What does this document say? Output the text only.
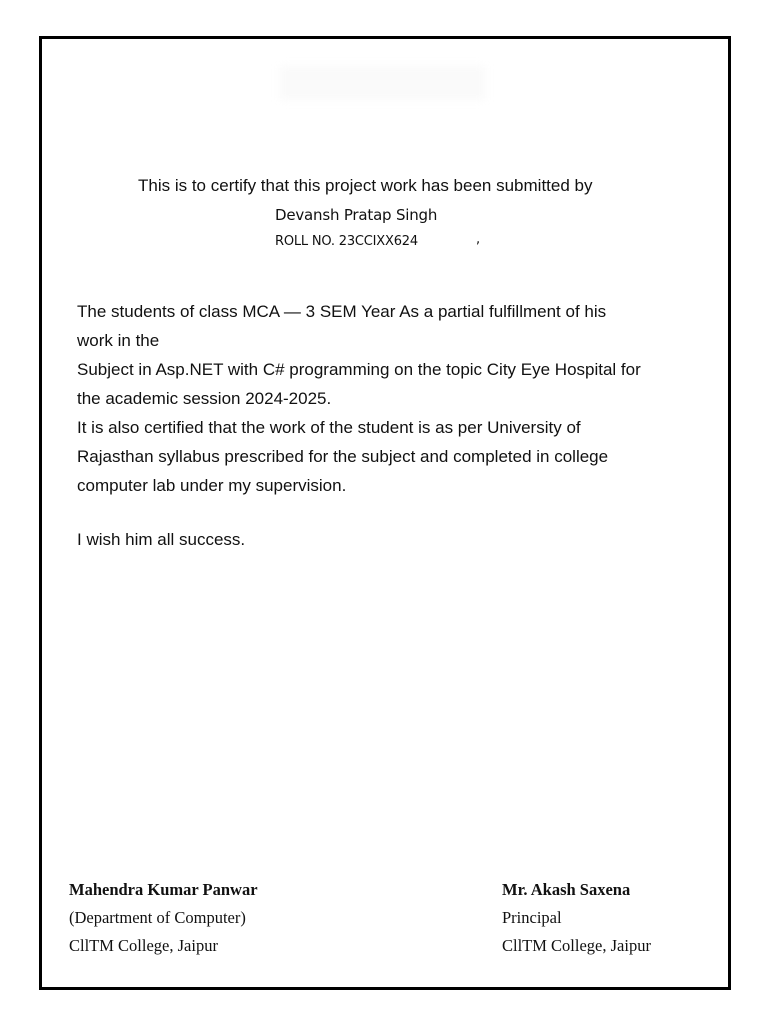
This is to certify that this project work has been submitted by
Devansh Pratap Singh
ROLL NO. 23CCIXX624	,
The students of class MCA — 3 SEM Year As a partial fulfillment of his
work in the
Subject in Asp.NET with C# programming on the topic City Eye Hospital for
the academic session 2024-2025.
It is also certified that the work of the student is as per University of
Rajasthan syllabus prescribed for the subject and completed in college
computer lab under my supervision.
I wish him all success.
Mahendra Kumar Panwar
(Department of Computer)
CllTM College, Jaipur
Mr. Akash Saxena
Principal
CllTM College, Jaipur
